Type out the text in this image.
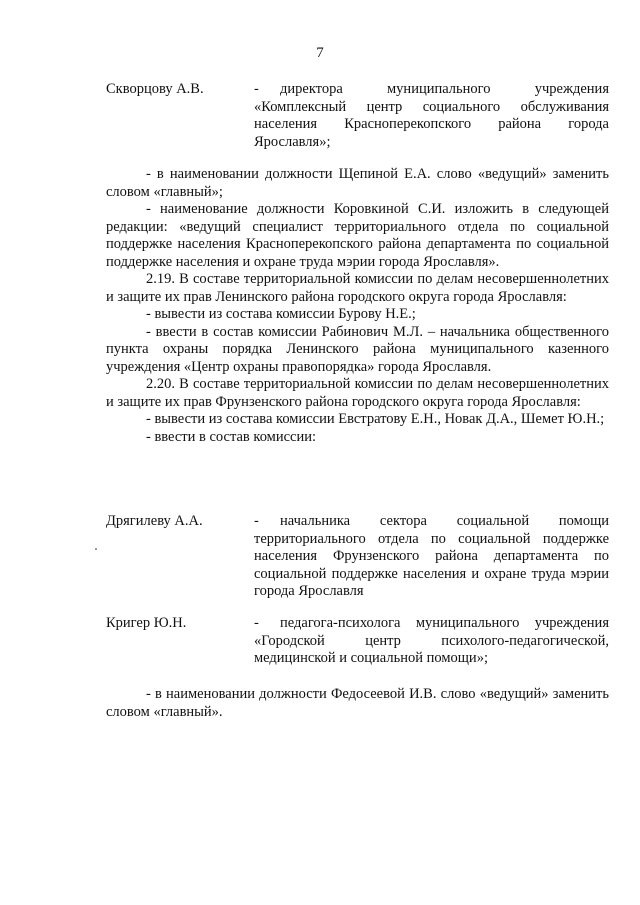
7
Скворцову А.В.	- директора муниципального учреждения «Комплексный центр социального обслуживания населения Красноперекопского района города Ярославля»;

- в наименовании должности Щепиной Е.А. слово «ведущий» заменить словом «главный»;

- наименование должности Коровкиной С.И. изложить в следующей редакции: «ведущий специалист территориального отдела по социальной поддержке населения Красноперекопского района департамента по социальной поддержке населения и охране труда мэрии города Ярославля».

2.19. В составе территориальной комиссии по делам несовершеннолетних и защите их прав Ленинского района городского округа города Ярославля:

- вывести из состава комиссии Бурову Н.Е.;

- ввести в состав комиссии Рабинович М.Л. – начальника общественного пункта охраны порядка Ленинского района муниципального казенного учреждения «Центр охраны правопорядка» города Ярославля.

2.20. В составе территориальной комиссии по делам несовершеннолетних и защите их прав Фрунзенского района городского округа города Ярославля:

- вывести из состава комиссии Евстратову Е.Н., Новак Д.А., Шемет Ю.Н.;

- ввести в состав комиссии:

Дрягилеву А.А.	- начальника сектора социальной помощи территориального отдела по социальной поддержке населения Фрунзенского района департамента по социальной поддержке населения и охране труда мэрии города Ярославля
Кригер Ю.Н.	- педагога-психолога муниципального учреждения «Городской центр психолого-педагогической, медицинской и социальной помощи»;

- в наименовании должности Федосеевой И.В. слово «ведущий» заменить словом «главный».
